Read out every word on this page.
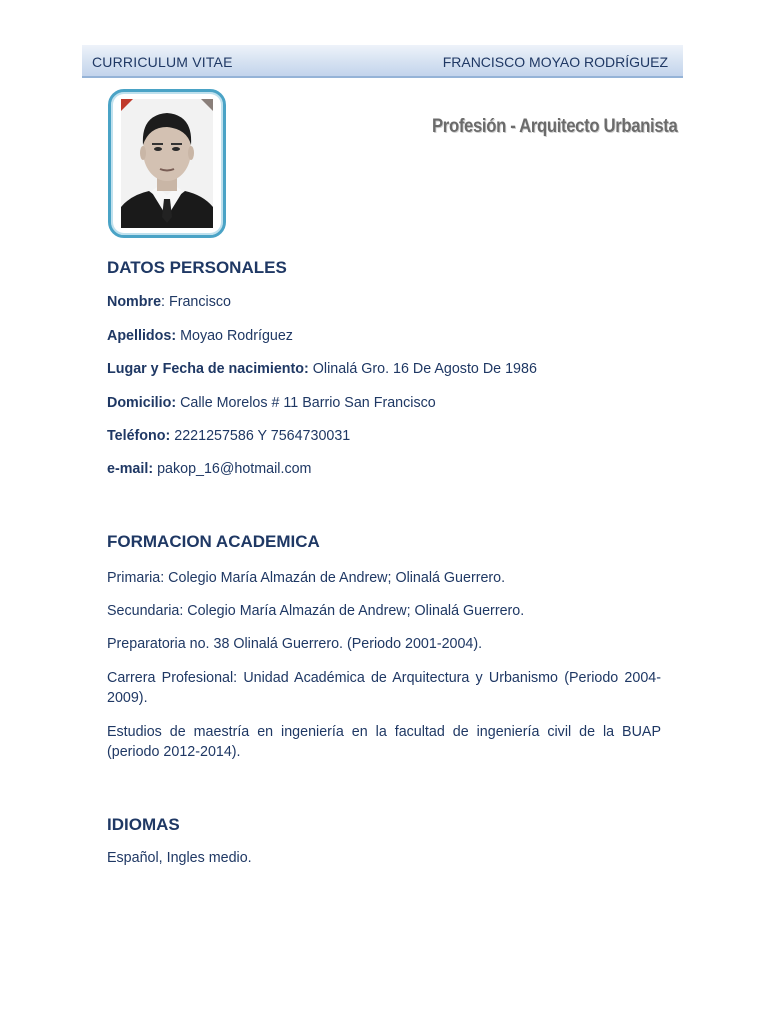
CURRICULUM VITAE	FRANCISCO MOYAO RODRÍGUEZ
Profesión - Arquitecto Urbanista
DATOS PERSONALES
Nombre: Francisco
Apellidos: Moyao Rodríguez
Lugar y Fecha de nacimiento: Olinalá Gro. 16 De Agosto De 1986
Domicilio: Calle Morelos # 11 Barrio San Francisco
Teléfono: 2221257586 Y 7564730031
e-mail: pakop_16@hotmail.com
FORMACION ACADEMICA
Primaria: Colegio María Almazán de Andrew; Olinalá Guerrero.
Secundaria: Colegio María Almazán de Andrew; Olinalá Guerrero.
Preparatoria no. 38 Olinalá Guerrero. (Periodo 2001-2004).
Carrera Profesional: Unidad Académica de Arquitectura y Urbanismo (Periodo 2004-2009).
Estudios de maestría en ingeniería en la facultad de ingeniería civil de la BUAP (periodo 2012-2014).
IDIOMAS
Español, Ingles medio.
